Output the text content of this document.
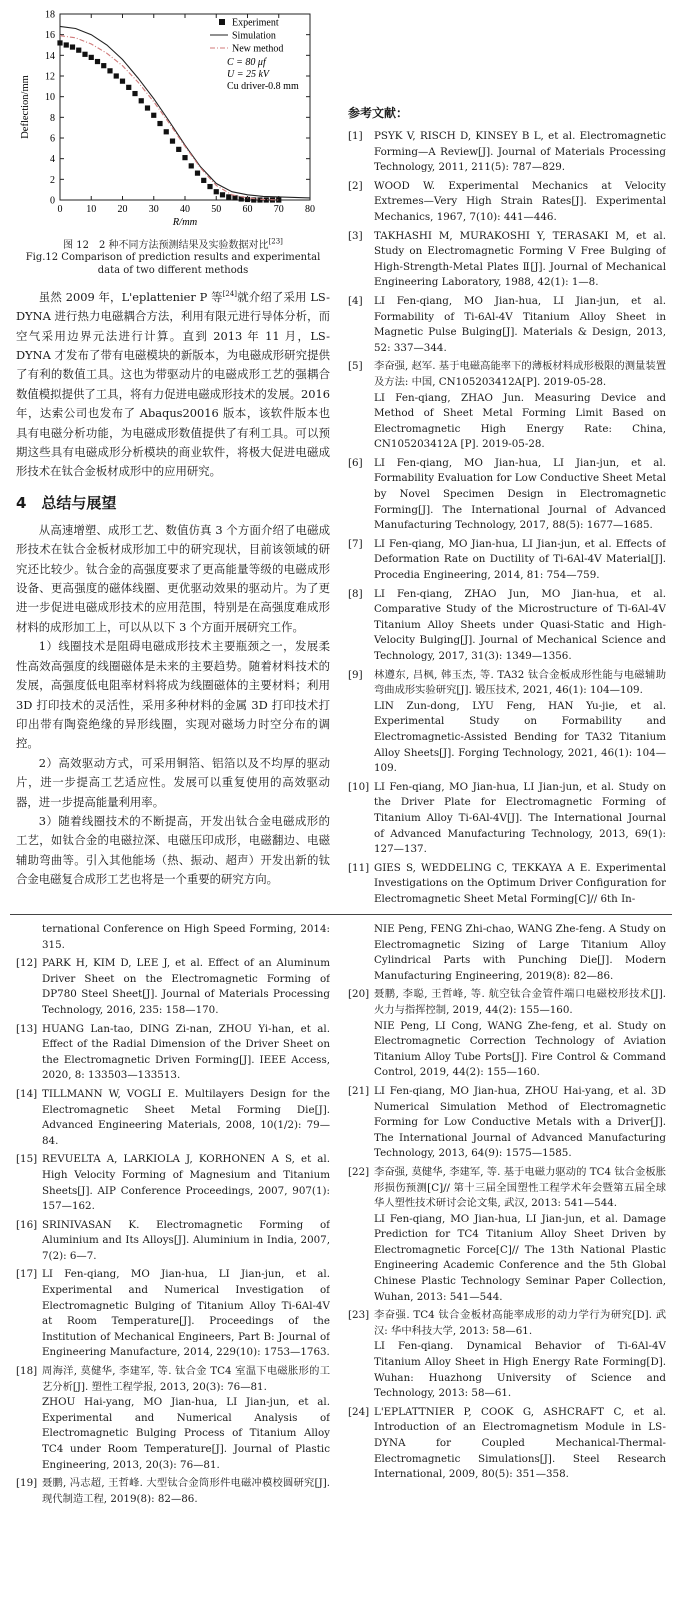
0 10 20 30 40 50 60 70 80
0
2
4
6
8
10
12
14
16
18
R/mm
Deflection/mm
Experiment
Simulation
New method
C = 80 μf
U = 25 kV
Cu driver-0.8 mm
图 12　2 种不同方法预测结果及实验数据对比[23]
Fig.12 Comparison of prediction results and experimental
data of two different methods

虽然 2009 年，L'eplattenier P 等[24]就介绍了采用 LS-DYNA 进行热力电磁耦合方法，利用有限元进行导体分析，而空气采用边界元法进行计算。直到 2013 年 11 月，LS-DYNA 才发布了带有电磁模块的新版本，为电磁成形研究提供了有利的数值工具。这也为带驱动片的电磁成形工艺的强耦合数值模拟提供了工具，将有力促进电磁成形技术的发展。2016 年，达索公司也发布了 Abaqus20016 版本，该软件版本也具有电磁分析功能，为电磁成形数值提供了有利工具。可以预期这些具有电磁成形分析模块的商业软件，将极大促进电磁成形技术在钛合金板材成形中的应用研究。

4　总结与展望

从高速增塑、成形工艺、数值仿真 3 个方面介绍了电磁成形技术在钛合金板材成形加工中的研究现状，目前该领域的研究还比较少。钛合金的高强度要求了更高能量等级的电磁成形设备、更高强度的磁体线圈、更优驱动效果的驱动片。为了更进一步促进电磁成形技术的应用范围，特别是在高强度难成形材料的成形加工上，可以从以下 3 个方面开展研究工作。

1）线圈技术是阻碍电磁成形技术主要瓶颈之一，发展柔性高效高强度的线圈磁体是未来的主要趋势。随着材料技术的发展，高强度低电阻率材料将成为线圈磁体的主要材料；利用 3D 打印技术的灵活性，采用多种材料的金属 3D 打印技术打印出带有陶瓷绝缘的异形线圈，实现对磁场力时空分布的调控。

2）高效驱动方式，可采用铜箔、铝箔以及不均厚的驱动片，进一步提高工艺适应性。发展可以重复使用的高效驱动器，进一步提高能量利用率。

3）随着线圈技术的不断提高，开发出钛合金电磁成形的工艺，如钛合金的电磁拉深、电磁压印成形，电磁翻边、电磁辅助弯曲等。引入其他能场（热、振动、超声）开发出新的钛合金电磁复合成形工艺也将是一个重要的研究方向。

参考文献：
[1]	PSYK V, RISCH D, KINSEY B L, et al. Electromagnetic Forming—A Review[J]. Journal of Materials Processing Technology, 2011, 211(5): 787—829.
[2]	WOOD W. Experimental Mechanics at Velocity Extremes—Very High Strain Rates[J]. Experimental Mechanics, 1967, 7(10): 441—446.
[3]	TAKHASHI M, MURAKOSHI Y, TERASAKI M, et al. Study on Electromagnetic Forming V Free Bulging of High-Strength-Metal Plates Ⅱ[J]. Journal of Mechanical Engineering Laboratory, 1988, 42(1): 1—8.
[4]	LI Fen-qiang, MO Jian-hua, LI Jian-jun, et al. Formability of Ti-6Al-4V Titanium Alloy Sheet in Magnetic Pulse Bulging[J]. Materials & Design, 2013, 52: 337—344.
[5]	李奋强, 赵军. 基于电磁高能率下的薄板材料成形极限的测量装置及方法: 中国, CN105203412A[P]. 2019-05-28.
LI Fen-qiang, ZHAO Jun. Measuring Device and Method of Sheet Metal Forming Limit Based on Electromagnetic High Energy Rate: China, CN105203412A [P]. 2019-05-28.
[6]	LI Fen-qiang, MO Jian-hua, LI Jian-jun, et al. Formability Evaluation for Low Conductive Sheet Metal by Novel Specimen Design in Electromagnetic Forming[J]. The International Journal of Advanced Manufacturing Technology, 2017, 88(5): 1677—1685.
[7]	LI Fen-qiang, MO Jian-hua, LI Jian-jun, et al. Effects of Deformation Rate on Ductility of Ti-6Al-4V Material[J]. Procedia Engineering, 2014, 81: 754—759.
[8]	LI Fen-qiang, ZHAO Jun, MO Jian-hua, et al. Comparative Study of the Microstructure of Ti-6Al-4V Titanium Alloy Sheets under Quasi-Static and High-Velocity Bulging[J]. Journal of Mechanical Science and Technology, 2017, 31(3): 1349—1356.
[9]	林遵东, 吕枫, 韩玉杰, 等. TA32 钛合金板成形性能与电磁辅助弯曲成形实验研究[J]. 锻压技术, 2021, 46(1): 104—109.
LIN Zun-dong, LYU Feng, HAN Yu-jie, et al. Experimental Study on Formability and Electromagnetic-Assisted Bending for TA32 Titanium Alloy Sheets[J]. Forging Technology, 2021, 46(1): 104—109.
[10] LI Fen-qiang, MO Jian-hua, LI Jian-jun, et al. Study on the Driver Plate for Electromagnetic Forming of Titanium Alloy Ti-6Al-4V[J]. The International Journal of Advanced Manufacturing Technology, 2013, 69(1): 127—137.
[11] GIES S, WEDDELING C, TEKKAYA A E. Experimental Investigations on the Optimum Driver Configuration for Electromagnetic Sheet Metal Forming[C]// 6th In-
ternational Conference on High Speed Forming, 2014: 315.
[12] PARK H, KIM D, LEE J, et al. Effect of an Aluminum Driver Sheet on the Electromagnetic Forming of DP780 Steel Sheet[J]. Journal of Materials Processing Technology, 2016, 235: 158—170.
[13] HUANG Lan-tao, DING Zi-nan, ZHOU Yi-han, et al. Effect of the Radial Dimension of the Driver Sheet on the Electromagnetic Driven Forming[J]. IEEE Access, 2020, 8: 133503—133513.
[14] TILLMANN W, VOGLI E. Multilayers Design for the Electromagnetic Sheet Metal Forming Die[J]. Advanced Engineering Materials, 2008, 10(1/2): 79—84.
[15] REVUELTA A, LARKIOLA J, KORHONEN A S, et al. High Velocity Forming of Magnesium and Titanium Sheets[J]. AIP Conference Proceedings, 2007, 907(1): 157—162.
[16] SRINIVASAN K. Electromagnetic Forming of Aluminium and Its Alloys[J]. Aluminium in India, 2007, 7(2): 6—7.
[17] LI Fen-qiang, MO Jian-hua, LI Jian-jun, et al. Experimental and Numerical Investigation of Electromagnetic Bulging of Titanium Alloy Ti-6Al-4V at Room Temperature[J]. Proceedings of the Institution of Mechanical Engineers, Part B: Journal of Engineering Manufacture, 2014, 229(10): 1753—1763.
[18] 周海洋, 莫健华, 李建军, 等. 钛合金 TC4 室温下电磁胀形的工艺分析[J]. 塑性工程学报, 2013, 20(3): 76—81.
ZHOU Hai-yang, MO Jian-hua, LI Jian-jun, et al. Experimental and Numerical Analysis of Electromagnetic Bulging Process of Titanium Alloy TC4 under Room Temperature[J]. Journal of Plastic Engineering, 2013, 20(3): 76—81.
[19] 聂鹏, 冯志超, 王哲峰. 大型钛合金筒形件电磁冲模校圆研究[J]. 现代制造工程, 2019(8): 82—86.
NIE Peng, FENG Zhi-chao, WANG Zhe-feng. A Study on Electromagnetic Sizing of Large Titanium Alloy Cylindrical Parts with Punching Die[J]. Modern Manufacturing Engineering, 2019(8): 82—86.
[20] 聂鹏, 李聪, 王哲峰, 等. 航空钛合金管件端口电磁校形技术[J]. 火力与指挥控制, 2019, 44(2): 155—160.
NIE Peng, LI Cong, WANG Zhe-feng, et al. Study on Electromagnetic Correction Technology of Aviation Titanium Alloy Tube Ports[J]. Fire Control & Command Control, 2019, 44(2): 155—160.
[21] LI Fen-qiang, MO Jian-hua, ZHOU Hai-yang, et al. 3D Numerical Simulation Method of Electromagnetic Forming for Low Conductive Metals with a Driver[J]. The International Journal of Advanced Manufacturing Technology, 2013, 64(9): 1575—1585.
[22] 李奋强, 莫健华, 李建军, 等. 基于电磁力驱动的 TC4 钛合金板胀形损伤预测[C]// 第十三届全国塑性工程学术年会暨第五届全球华人塑性技术研讨会论文集, 武汉, 2013: 541—544.
LI Fen-qiang, MO Jian-hua, LI Jian-jun, et al. Damage Prediction for TC4 Titanium Alloy Sheet Driven by Electromagnetic Force[C]// The 13th National Plastic Engineering Academic Conference and the 5th Global Chinese Plastic Technology Seminar Paper Collection, Wuhan, 2013: 541—544.
[23] 李奋强. TC4 钛合金板材高能率成形的动力学行为研究[D]. 武汉: 华中科技大学, 2013: 58—61.
LI Fen-qiang. Dynamical Behavior of Ti-6Al-4V Titanium Alloy Sheet in High Energy Rate Forming[D]. Wuhan: Huazhong University of Science and Technology, 2013: 58—61.
[24] L'EPLATTNIER P, COOK G, ASHCRAFT C, et al. Introduction of an Electromagnetism Module in LS-DYNA for Coupled Mechanical-Thermal-Electromagnetic Simulations[J]. Steel Research International, 2009, 80(5): 351—358.
